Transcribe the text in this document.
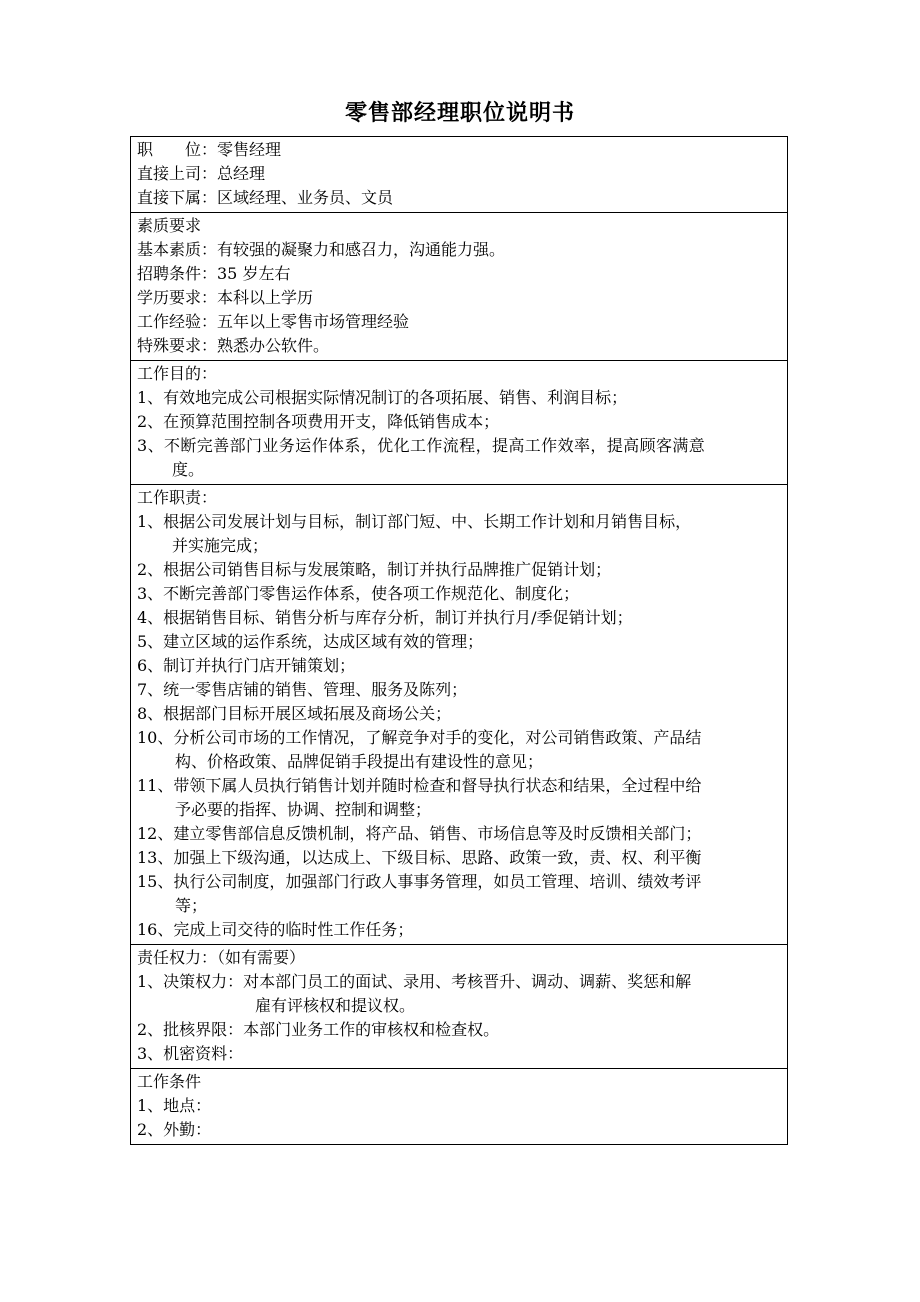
零售部经理职位说明书
职　　位：零售经理
直接上司：总经理
直接下属：区域经理、业务员、文员
素质要求
基本素质：有较强的凝聚力和感召力，沟通能力强。
招聘条件：35 岁左右
学历要求：本科以上学历
工作经验：五年以上零售市场管理经验
特殊要求：熟悉办公软件。
工作目的：
1、有效地完成公司根据实际情况制订的各项拓展、销售、利润目标；
2、在预算范围控制各项费用开支，降低销售成本；
3、不断完善部门业务运作体系，优化工作流程，提高工作效率，提高顾客满意
度。
工作职责：
1、根据公司发展计划与目标，制订部门短、中、长期工作计划和月销售目标，
并实施完成；
2、根据公司销售目标与发展策略，制订并执行品牌推广促销计划；
3、不断完善部门零售运作体系，使各项工作规范化、制度化；
4、根据销售目标、销售分析与库存分析，制订并执行月/季促销计划；
5、建立区域的运作系统，达成区域有效的管理；
6、制订并执行门店开铺策划；
7、统一零售店铺的销售、管理、服务及陈列；
8、根据部门目标开展区域拓展及商场公关；
10、分析公司市场的工作情况，了解竞争对手的变化，对公司销售政策、产品结
构、价格政策、品牌促销手段提出有建设性的意见；
11、带领下属人员执行销售计划并随时检查和督导执行状态和结果，全过程中给
予必要的指挥、协调、控制和调整；
12、建立零售部信息反馈机制，将产品、销售、市场信息等及时反馈相关部门；
13、加强上下级沟通，以达成上、下级目标、思路、政策一致，责、权、利平衡
15、执行公司制度，加强部门行政人事事务管理，如员工管理、培训、绩效考评
等；
16、完成上司交待的临时性工作任务；
责任权力：（如有需要）
1、决策权力：对本部门员工的面试、录用、考核晋升、调动、调薪、奖惩和解
雇有评核权和提议权。
2、批核界限：本部门业务工作的审核权和检查权。
3、机密资料：
工作条件
1、地点：
2、外勤：
